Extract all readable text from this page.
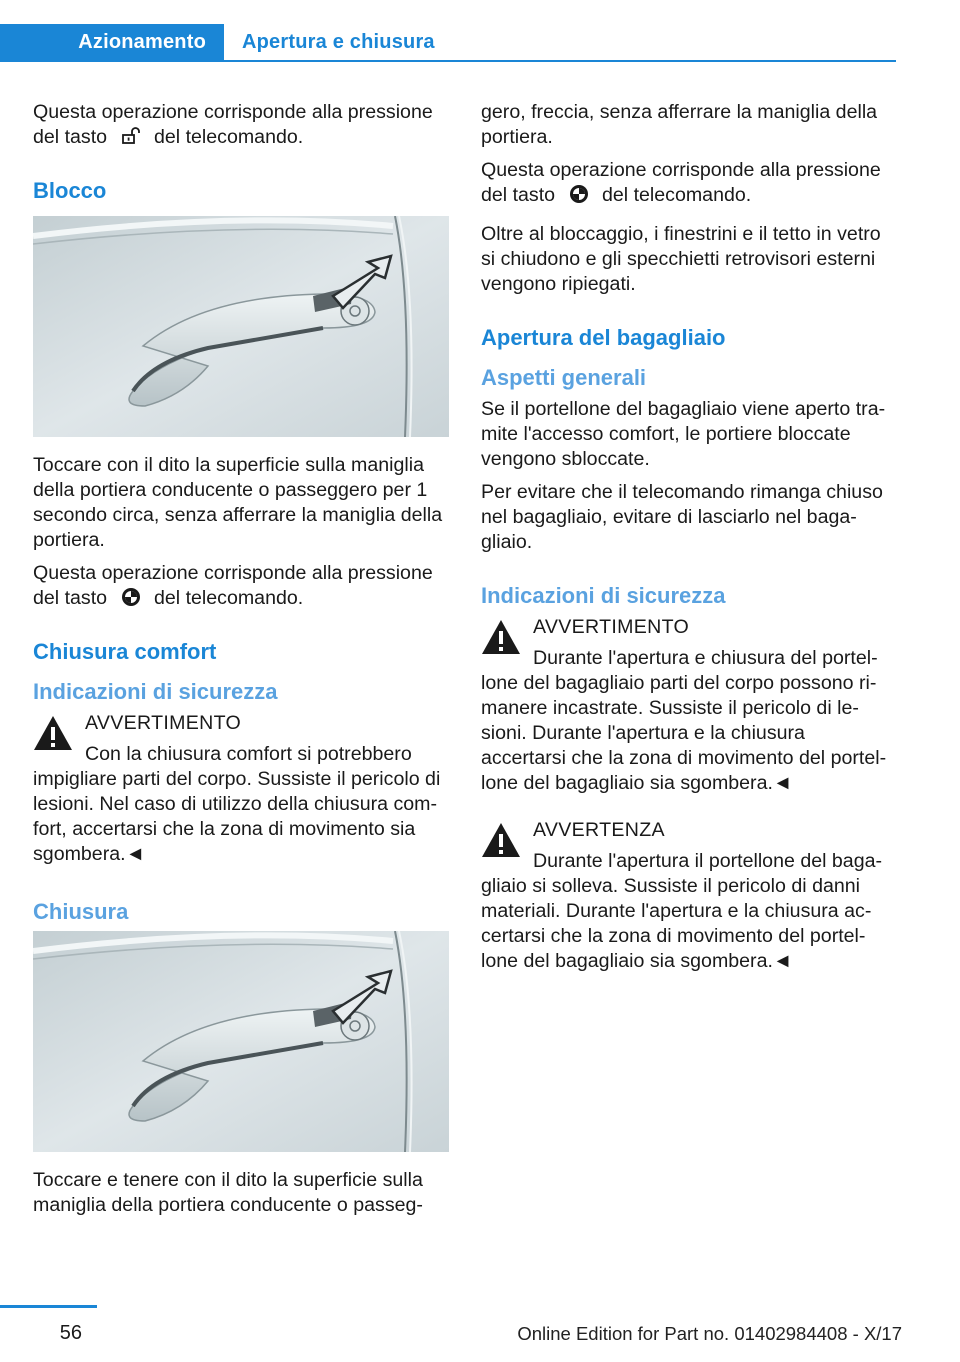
Azionamento	Apertura e chiusura

Questa operazione corrisponde alla pressione del tasto del telecomando.

Blocco

Toccare con il dito la superficie sulla maniglia della portiera conducente o passeggero per 1 secondo circa, senza afferrare la maniglia della portiera.

Questa operazione corrisponde alla pressione del tasto del telecomando.

Chiusura comfort
Indicazioni di sicurezza
AVVERTIMENTO

Con la chiusura comfort si potrebbero impigliare parti del corpo. Sussiste il pericolo di lesioni. Nel caso di utilizzo della chiusura comfort, accertarsi che la zona di movimento sia sgombera.◄

Chiusura

Toccare e tenere con il dito la superficie sulla maniglia della portiera conducente o passeg-

gero, freccia, senza afferrare la maniglia della portiera.

Questa operazione corrisponde alla pressione del tasto del telecomando.

Oltre al bloccaggio, i finestrini e il tetto in vetro si chiudono e gli specchietti retrovisori esterni vengono ripiegati.

Apertura del bagagliaio
Aspetti generali

Se il portellone del bagagliaio viene aperto tramite l'accesso comfort, le portiere bloccate vengono sbloccate.

Per evitare che il telecomando rimanga chiuso nel bagagliaio, evitare di lasciarlo nel bagagliaio.

Indicazioni di sicurezza
AVVERTIMENTO

Durante l'apertura e chiusura del portellone del bagagliaio parti del corpo possono rimanere incastrate. Sussiste il pericolo di lesioni. Durante l'apertura e la chiusura accertarsi che la zona di movimento del portellone del bagagliaio sia sgombera.◄

AVVERTENZA

Durante l'apertura il portellone del bagagliaio si solleva. Sussiste il pericolo di danni materiali. Durante l'apertura e la chiusura accertarsi che la zona di movimento del portellone del bagagliaio sia sgombera.◄

56	Online Edition for Part no. 01402984408 - X/17
